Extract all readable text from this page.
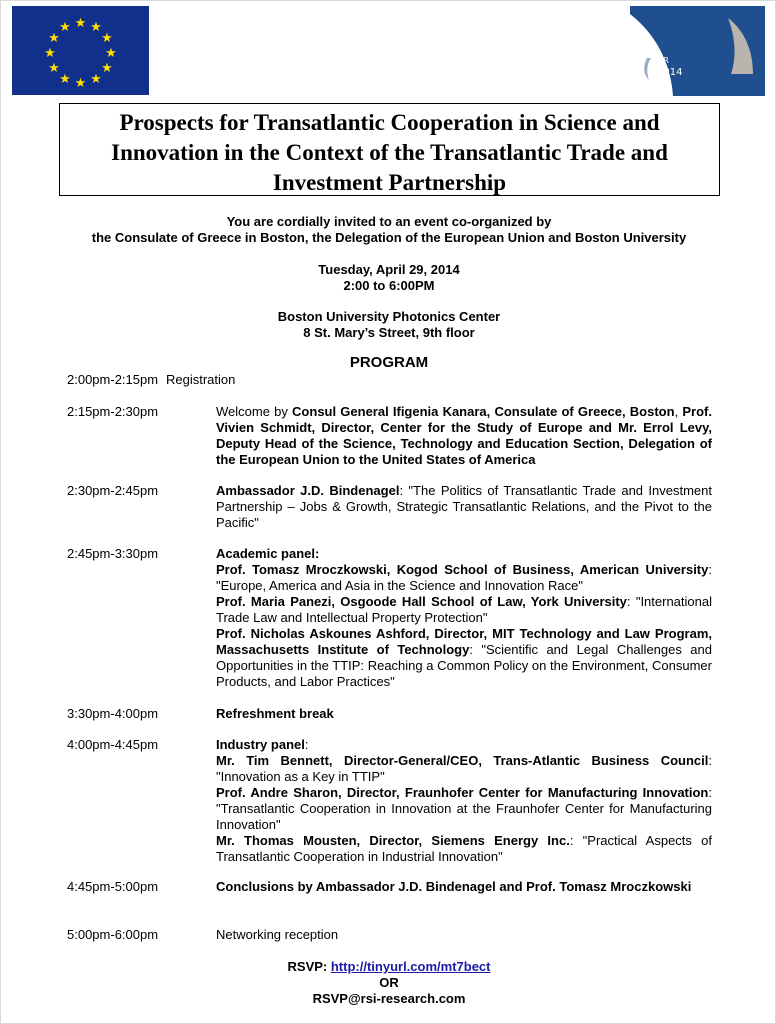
★ ★
★
★
★
★
★
★
★
★
★
★
GR
2014
eu
Prospects for Transatlantic Cooperation in Science and
Innovation in the Context of the Transatlantic Trade and
Investment Partnership
You are cordially invited to an event co-organized by
the Consulate of Greece in Boston, the Delegation of the European Union and Boston University
Tuesday, April 29, 2014
2:00 to 6:00PM
Boston University Photonics Center
8 St. Mary’s Street, 9th floor
PROGRAM
2:00pm-2:15pm Registration
2:15pm-2:30pm	Welcome by Consul General Ifigenia Kanara, Consulate of Greece, Boston, Prof. Vivien Schmidt, Director, Center for the Study of Europe and Mr. Errol Levy, Deputy Head of the Science, Technology and Education Section, Delegation of the European Union to the United States of America
2:30pm-2:45pm	Ambassador J.D. Bindenagel: "The Politics of Transatlantic Trade and Investment Partnership – Jobs & Growth, Strategic Transatlantic Relations, and the Pivot to the Pacific"
2:45pm-3:30pm	Academic panel:
Prof. Tomasz Mroczkowski, Kogod School of Business, American University: "Europe, America and Asia in the Science and Innovation Race"
Prof. Maria Panezi, Osgoode Hall School of Law, York University: "International Trade Law and Intellectual Property Protection"
Prof. Nicholas Askounes Ashford, Director, MIT Technology and Law Program, Massachusetts Institute of Technology: "Scientific and Legal Challenges and Opportunities in the TTIP: Reaching a Common Policy on the Environment, Consumer Products, and Labor Practices"
3:30pm-4:00pm	Refreshment break
4:00pm-4:45pm	Industry panel:
Mr. Tim Bennett, Director-General/CEO, Trans-Atlantic Business Council: "Innovation as a Key in TTIP"
Prof. Andre Sharon, Director, Fraunhofer Center for Manufacturing Innovation: "Transatlantic Cooperation in Innovation at the Fraunhofer Center for Manufacturing Innovation"
Mr. Thomas Mousten, Director, Siemens Energy Inc.: "Practical Aspects of Transatlantic Cooperation in Industrial Innovation"
4:45pm-5:00pm	Conclusions by Ambassador J.D. Bindenagel and Prof. Tomasz Mroczkowski
5:00pm-6:00pm	Networking reception
RSVP: http://tinyurl.com/mt7bect
OR
RSVP@rsi-research.com
